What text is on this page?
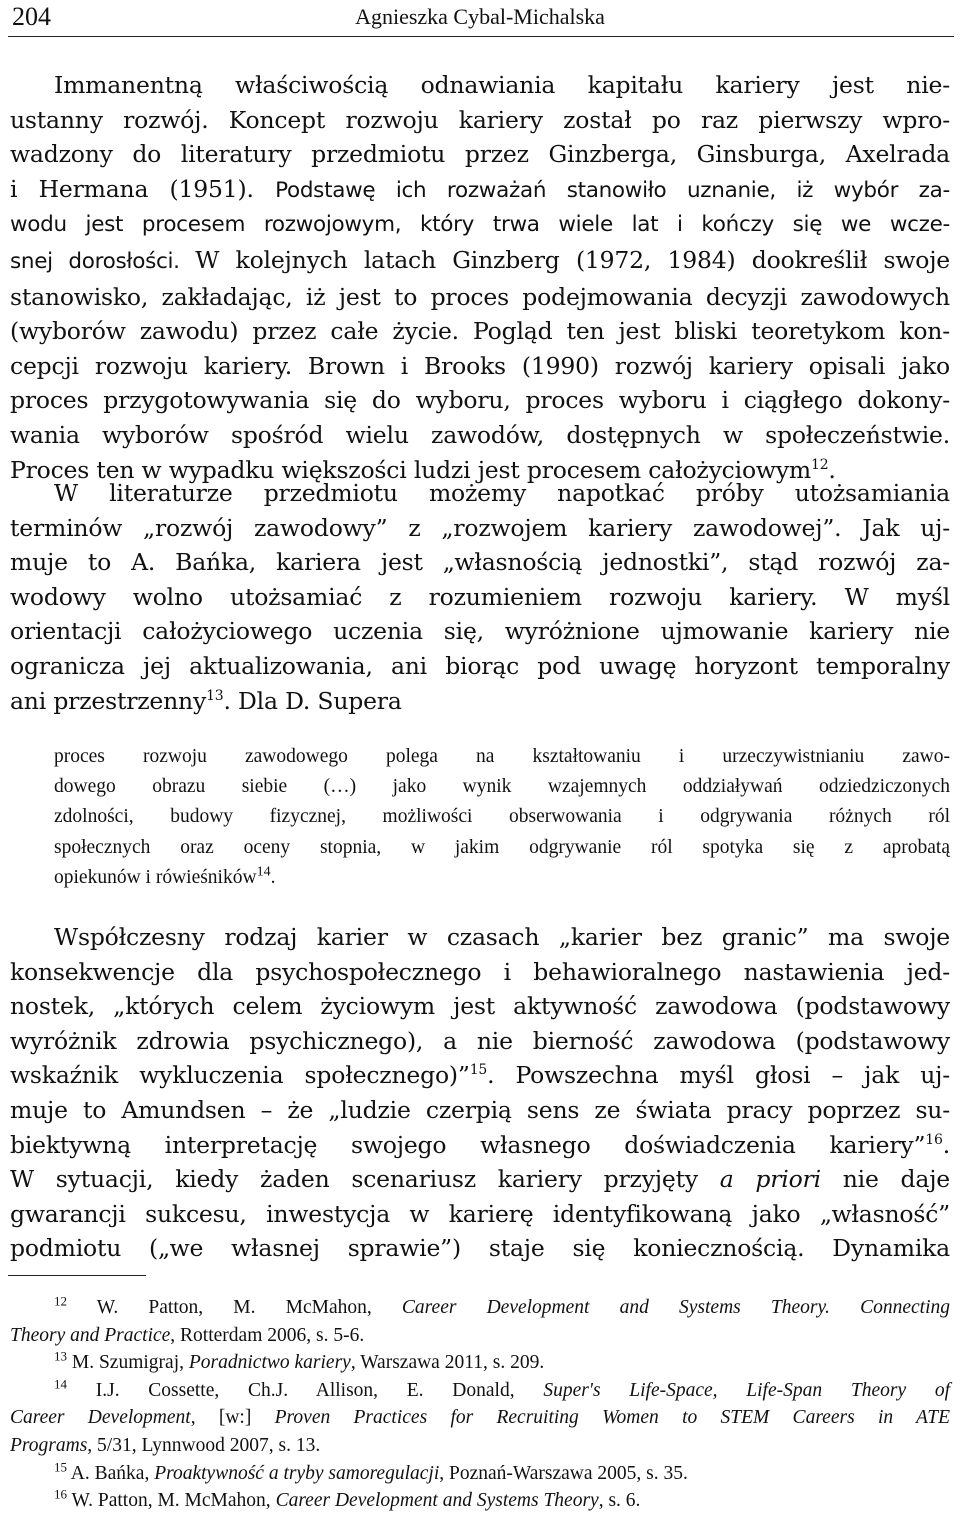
204	Agnieszka Cybal-Michalska
Immanentną właściwością odnawiania kapitału kariery jest nie-
ustanny rozwój. Koncept rozwoju kariery został po raz pierwszy wpro-
wadzony do literatury przedmiotu przez Ginzberga, Ginsburga, Axelrada
i Hermana (1951). Podstawę ich rozważań stanowiło uznanie, iż wybór za-
wodu jest procesem rozwojowym, który trwa wiele lat i kończy się we wcze-
snej dorosłości. W kolejnych latach Ginzberg (1972, 1984) dookreślił swoje
stanowisko, zakładając, iż jest to proces podejmowania decyzji zawodowych
(wyborów zawodu) przez całe życie. Pogląd ten jest bliski teoretykom kon-
cepcji rozwoju kariery. Brown i Brooks (1990) rozwój kariery opisali jako
proces przygotowywania się do wyboru, proces wyboru i ciągłego dokony-
wania wyborów spośród wielu zawodów, dostępnych w społeczeństwie.
Proces ten w wypadku większości ludzi jest procesem całożyciowym$^{12}$.
W literaturze przedmiotu możemy napotkać próby utożsamiania
terminów „rozwój zawodowy” z „rozwojem kariery zawodowej”. Jak uj-
muje to A. Bańka, kariera jest „własnością jednostki”, stąd rozwój za-
wodowy wolno utożsamiać z rozumieniem rozwoju kariery. W myśl
orientacji całożyciowego uczenia się, wyróżnione ujmowanie kariery nie
ogranicza jej aktualizowania, ani biorąc pod uwagę horyzont temporalny
ani przestrzenny$^{13}$. Dla D. Supera
proces rozwoju zawodowego polega na kształtowaniu i urzeczywistnianiu zawo-
dowego obrazu siebie (…) jako wynik wzajemnych oddziaływań odziedziczonych
zdolności, budowy fizycznej, możliwości obserwowania i odgrywania różnych ról
społecznych oraz oceny stopnia, w jakim odgrywanie ról spotyka się z aprobatą
opiekunów i rówieśników$^{14}$.
Współczesny rodzaj karier w czasach „karier bez granic” ma swoje
konsekwencje dla psychospołecznego i behawioralnego nastawienia jed-
nostek, „których celem życiowym jest aktywność zawodowa (podstawowy
wyróżnik zdrowia psychicznego), a nie bierność zawodowa (podstawowy
wskaźnik wykluczenia społecznego)”$^{15}$. Powszechna myśl głosi – jak uj-
muje to Amundsen – że „ludzie czerpią sens ze świata pracy poprzez su-
biektywną interpretację swojego własnego doświadczenia kariery”$^{16}$.
W sytuacji, kiedy żaden scenariusz kariery przyjęty a priori nie daje
gwarancji sukcesu, inwestycja w karierę identyfikowaną jako „własność”
podmiotu („we własnej sprawie”) staje się koniecznością. Dynamika
$^{12}$ W. Patton, M. McMahon, Career Development and Systems Theory. Connecting
Theory and Practice, Rotterdam 2006, s. 5-6.
$^{13}$ M. Szumigraj, Poradnictwo kariery, Warszawa 2011, s. 209.
$^{14}$ I.J. Cossette, Ch.J. Allison, E. Donald, Super's Life-Space, Life-Span Theory of
Career Development, [w:] Proven Practices for Recruiting Women to STEM Careers in ATE
Programs, 5/31, Lynnwood 2007, s. 13.
$^{15}$ A. Bańka, Proaktywność a tryby samoregulacji, Poznań-Warszawa 2005, s. 35.
$^{16}$ W. Patton, M. McMahon, Career Development and Systems Theory, s. 6.
